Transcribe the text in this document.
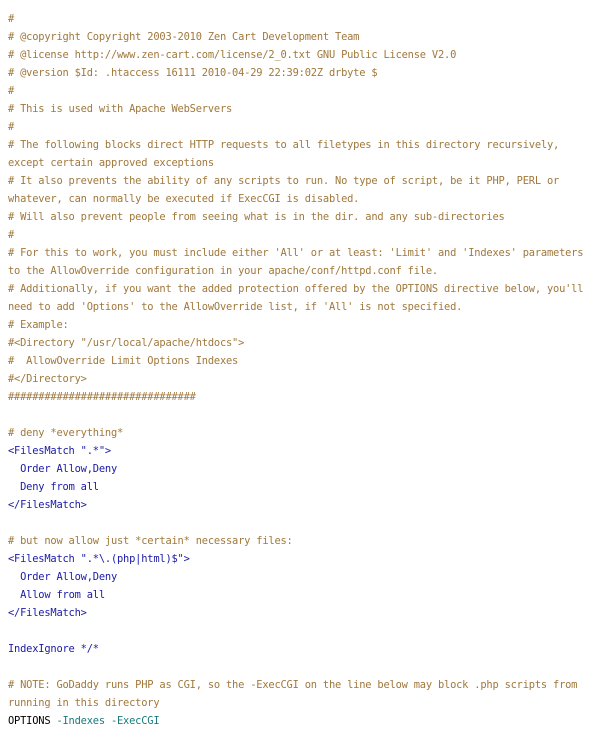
#
# @copyright Copyright 2003-2010 Zen Cart Development Team
# @license http://www.zen-cart.com/license/2_0.txt GNU Public License V2.0
# @version $Id: .htaccess 16111 2010-04-29 22:39:02Z drbyte $
#
# This is used with Apache WebServers
#
# The following blocks direct HTTP requests to all filetypes in this directory recursively, except certain approved exceptions
# It also prevents the ability of any scripts to run. No type of script, be it PHP, PERL or whatever, can normally be executed if ExecCGI is disabled.
# Will also prevent people from seeing what is in the dir. and any sub-directories
#
# For this to work, you must include either 'All' or at least: 'Limit' and 'Indexes' parameters to the AllowOverride configuration in your apache/conf/httpd.conf file.
# Additionally, if you want the added protection offered by the OPTIONS directive below, you'll need to add 'Options' to the AllowOverride list, if 'All' is not specified.
# Example:
#<Directory "/usr/local/apache/htdocs">
#  AllowOverride Limit Options Indexes
#</Directory>
###############################
# deny *everything*
<FilesMatch ".*">
Order Allow,Deny
Deny from all
</FilesMatch>
# but now allow just *certain* necessary files:
<FilesMatch ".*\.(php|html)$">
Order Allow,Deny
Allow from all
</FilesMatch>
IndexIgnore */*
# NOTE: GoDaddy runs PHP as CGI, so the -ExecCGI on the line below may block .php scripts from running in this directory
OPTIONS -Indexes -ExecCGI
